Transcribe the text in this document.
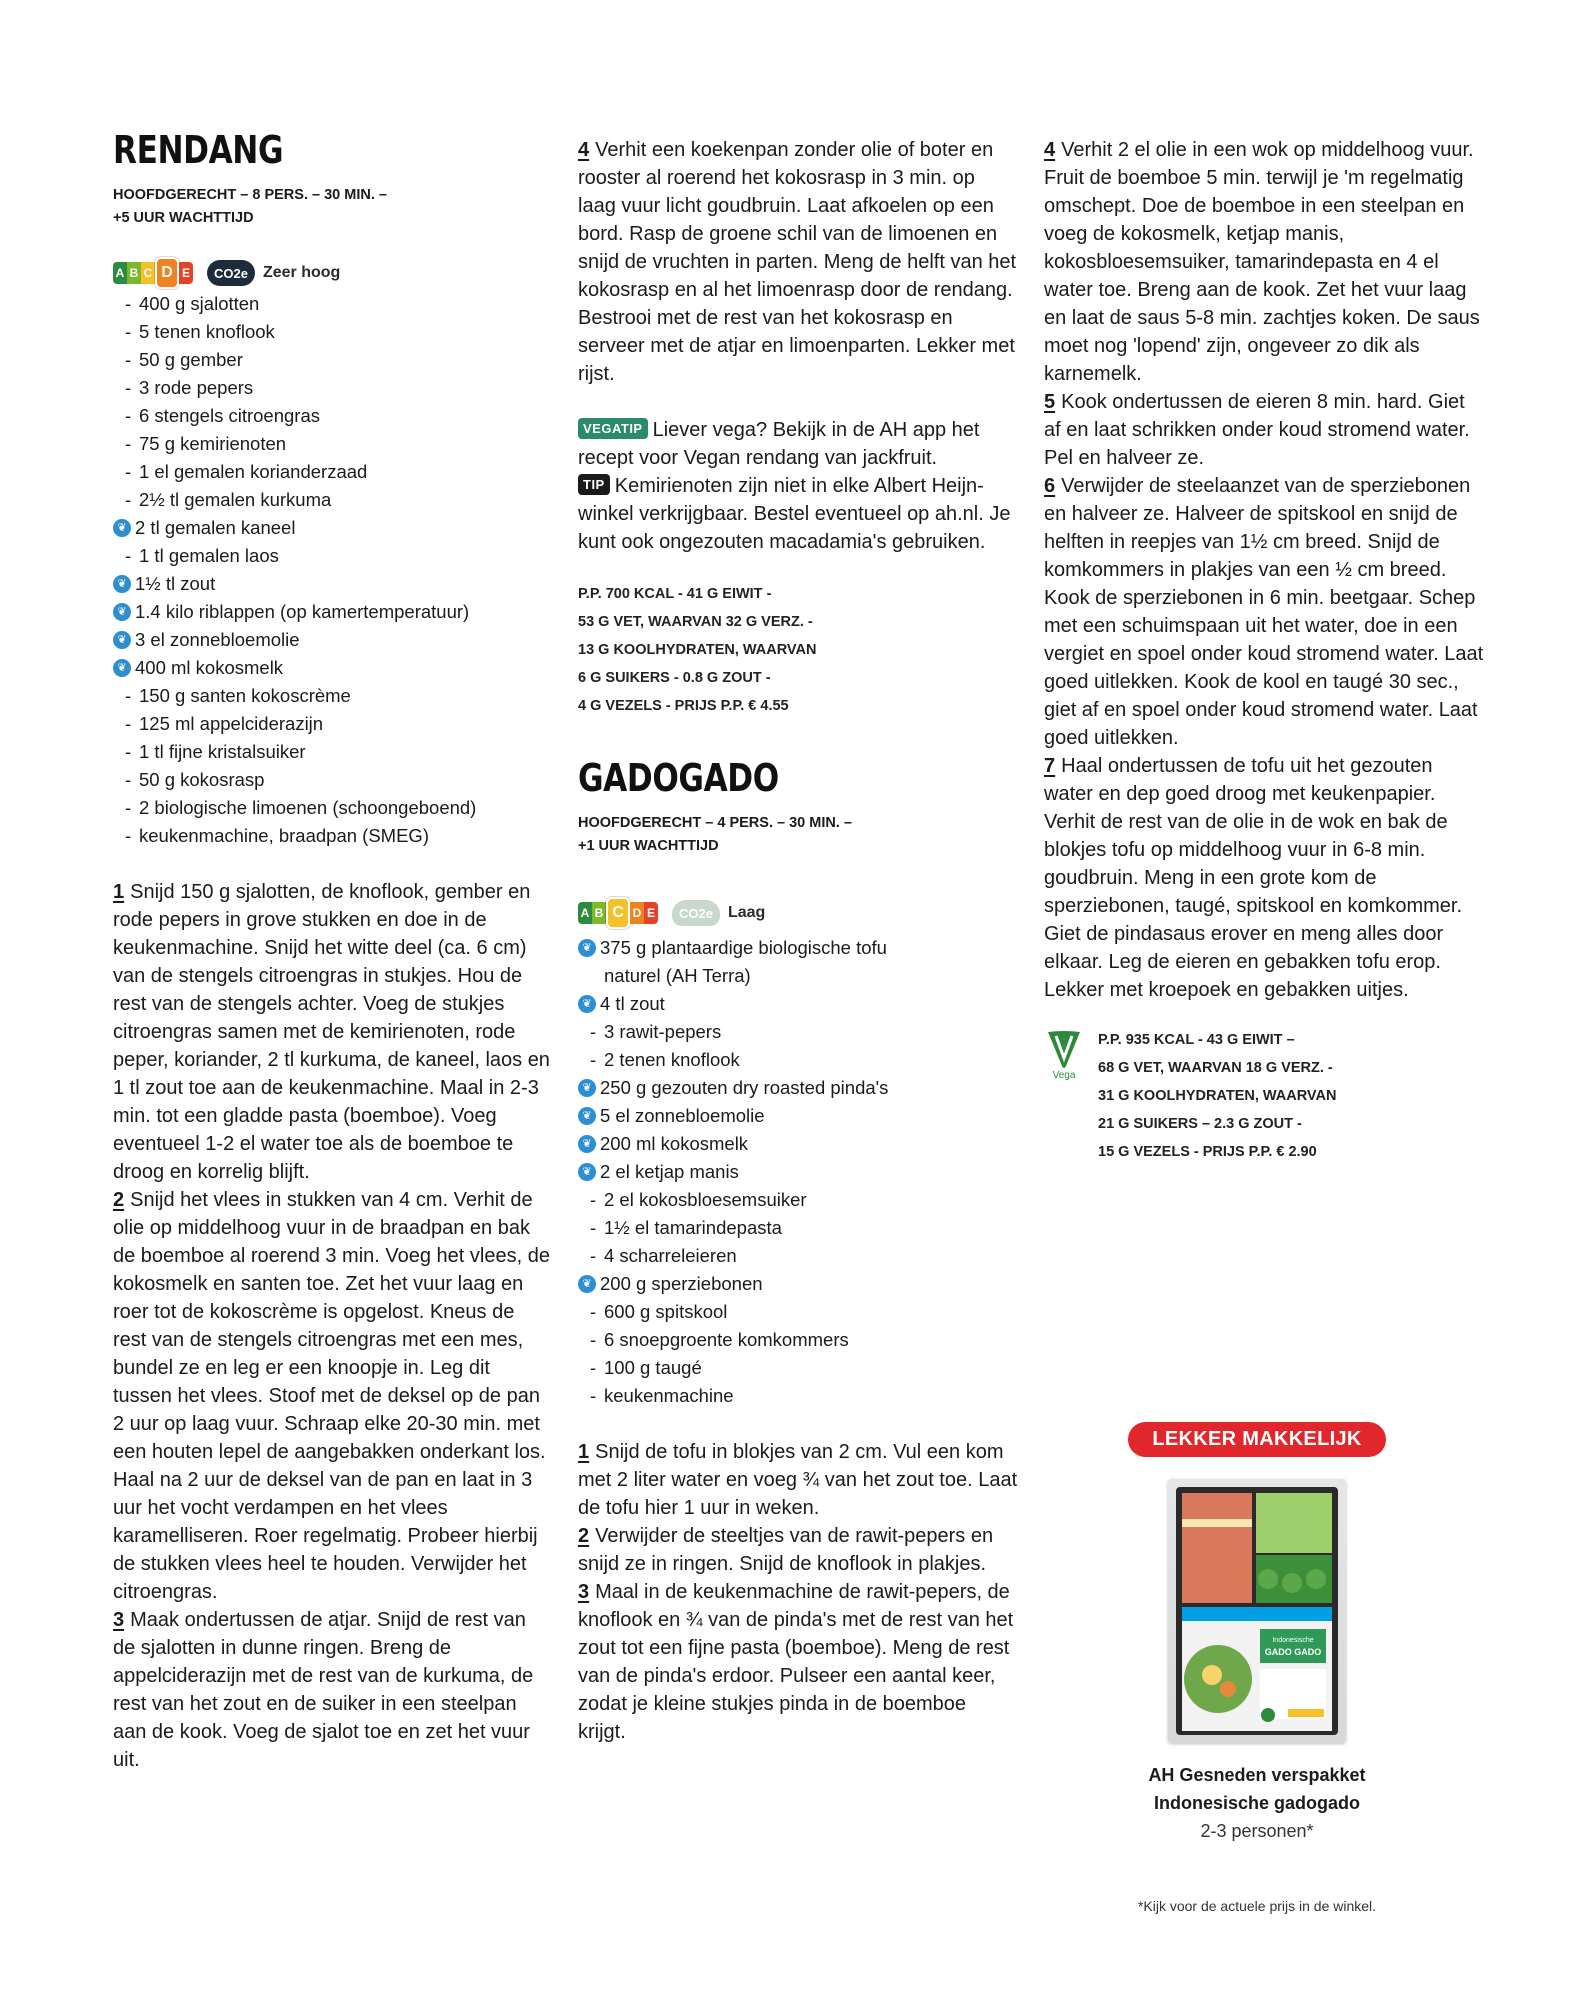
RENDANG
HOOFDGERECHT – 8 PERS. – 30 MIN. –
+5 UUR WACHTTIJD
A B C D E	CO2e Zeer hoog
- 400 g sjalotten
- 5 tenen knoflook
- 50 g gember
- 3 rode pepers
- 6 stengels citroengras
- 75 g kemirienoten
- 1 el gemalen korianderzaad
- 2½ tl gemalen kurkuma
❦ 2 tl gemalen kaneel
- 1 tl gemalen laos
❦ 1½ tl zout
❦ 1.4 kilo riblappen (op kamertemperatuur)
❦ 3 el zonnebloemolie
❦ 400 ml kokosmelk
- 150 g santen kokoscrème
- 125 ml appelciderazijn
- 1 tl fijne kristalsuiker
- 50 g kokosrasp
- 2 biologische limoenen (schoongeboend)
- keukenmachine, braadpan (SMEG)

1 Snijd 150 g sjalotten, de knoflook, gember en rode pepers in grove stukken en doe in de keukenmachine. Snijd het witte deel (ca. 6 cm) van de stengels citroengras in stukjes. Hou de rest van de stengels achter. Voeg de stukjes citroengras samen met de kemirienoten, rode peper, koriander, 2 tl kurkuma, de kaneel, laos en 1 tl zout toe aan de keukenmachine. Maal in 2-3 min. tot een gladde pasta (boemboe). Voeg eventueel 1-2 el water toe als de boemboe te droog en korrelig blijft.

2 Snijd het vlees in stukken van 4 cm. Verhit de olie op middelhoog vuur in de braadpan en bak de boemboe al roerend 3 min. Voeg het vlees, de kokosmelk en santen toe. Zet het vuur laag en roer tot de kokoscrème is opgelost. Kneus de rest van de stengels citroengras met een mes, bundel ze en leg er een knoopje in. Leg dit tussen het vlees. Stoof met de deksel op de pan 2 uur op laag vuur. Schraap elke 20-30 min. met een houten lepel de aangebakken onderkant los. Haal na 2 uur de deksel van de pan en laat in 3 uur het vocht verdampen en het vlees karamelliseren. Roer regelmatig. Probeer hierbij de stukken vlees heel te houden. Verwijder het citroengras.

3 Maak ondertussen de atjar. Snijd de rest van de sjalotten in dunne ringen. Breng de appelciderazijn met de rest van de kurkuma, de rest van het zout en de suiker in een steelpan aan de kook. Voeg de sjalot toe en zet het vuur uit.

4 Verhit een koekenpan zonder olie of boter en rooster al roerend het kokosrasp in 3 min. op laag vuur licht goudbruin. Laat afkoelen op een bord. Rasp de groene schil van de limoenen en snijd de vruchten in parten. Meng de helft van het kokosrasp en al het limoenrasp door de rendang. Bestrooi met de rest van het kokosrasp en serveer met de atjar en limoenparten. Lekker met rijst.

VEGATIP Liever vega? Bekijk in de AH app het recept voor Vegan rendang van jackfruit.

TIP Kemirienoten zijn niet in elke Albert Heijn-winkel verkrijgbaar. Bestel eventueel op ah.nl. Je kunt ook ongezouten macadamia's gebruiken.

P.P. 700 KCAL - 41 G EIWIT -
53 G VET, WAARVAN 32 G VERZ. -
13 G KOOLHYDRATEN, WAARVAN
6 G SUIKERS - 0.8 G ZOUT -
4 G VEZELS - PRIJS P.P. € 4.55
GADOGADO
HOOFDGERECHT – 4 PERS. – 30 MIN. –
+1 UUR WACHTTIJD
A B C D E	CO2e Laag
❦ 375 g plantaardige biologische tofu
naturel (AH Terra)
❦ 4 tl zout
- 3 rawit-pepers
- 2 tenen knoflook
❦ 250 g gezouten dry roasted pinda's
❦ 5 el zonnebloemolie
❦ 200 ml kokosmelk
❦ 2 el ketjap manis
- 2 el kokosbloesemsuiker
- 1½ el tamarindepasta
- 4 scharreleieren
❦ 200 g sperziebonen
- 600 g spitskool
- 6 snoepgroente komkommers
- 100 g taugé
- keukenmachine

1 Snijd de tofu in blokjes van 2 cm. Vul een kom met 2 liter water en voeg ¾ van het zout toe. Laat de tofu hier 1 uur in weken.

2 Verwijder de steeltjes van de rawit-pepers en snijd ze in ringen. Snijd de knoflook in plakjes.

3 Maal in de keukenmachine de rawit-pepers, de knoflook en ¾ van de pinda's met de rest van het zout tot een fijne pasta (boemboe). Meng de rest van de pinda's erdoor. Pulseer een aantal keer, zodat je kleine stukjes pinda in de boemboe krijgt.

4 Verhit 2 el olie in een wok op middelhoog vuur. Fruit de boemboe 5 min. terwijl je 'm regelmatig omschept. Doe de boemboe in een steelpan en voeg de kokosmelk, ketjap manis, kokosbloesemsuiker, tamarindepasta en 4 el water toe. Breng aan de kook. Zet het vuur laag en laat de saus 5-8 min. zachtjes koken. De saus moet nog 'lopend' zijn, ongeveer zo dik als karnemelk.

5 Kook ondertussen de eieren 8 min. hard. Giet af en laat schrikken onder koud stromend water. Pel en halveer ze.

6 Verwijder de steelaanzet van de sperziebonen en halveer ze. Halveer de spitskool en snijd de helften in reepjes van 1½ cm breed. Snijd de komkommers in plakjes van een ½ cm breed. Kook de sperziebonen in 6 min. beetgaar. Schep met een schuimspaan uit het water, doe in een vergiet en spoel onder koud stromend water. Laat goed uitlekken. Kook de kool en taugé 30 sec., giet af en spoel onder koud stromend water. Laat goed uitlekken.

7 Haal ondertussen de tofu uit het gezouten water en dep goed droog met keukenpapier. Verhit de rest van de olie in de wok en bak de blokjes tofu op middelhoog vuur in 6-8 min. goudbruin. Meng in een grote kom de sperziebonen, taugé, spitskool en komkommer. Giet de pindasaus erover en meng alles door elkaar. Leg de eieren en gebakken tofu erop. Lekker met kroepoek en gebakken uitjes.

Vega
P.P. 935 KCAL - 43 G EIWIT –
68 G VET, WAARVAN 18 G VERZ. -
31 G KOOLHYDRATEN, WAARVAN
21 G SUIKERS – 2.3 G ZOUT -
15 G VEZELS - PRIJS P.P. € 2.90
LEKKER MAKKELIJK
Indonesische
GADO GADO
AH Gesneden verspakket
Indonesische gadogado
2-3 personen*
*Kijk voor de actuele prijs in de winkel.
